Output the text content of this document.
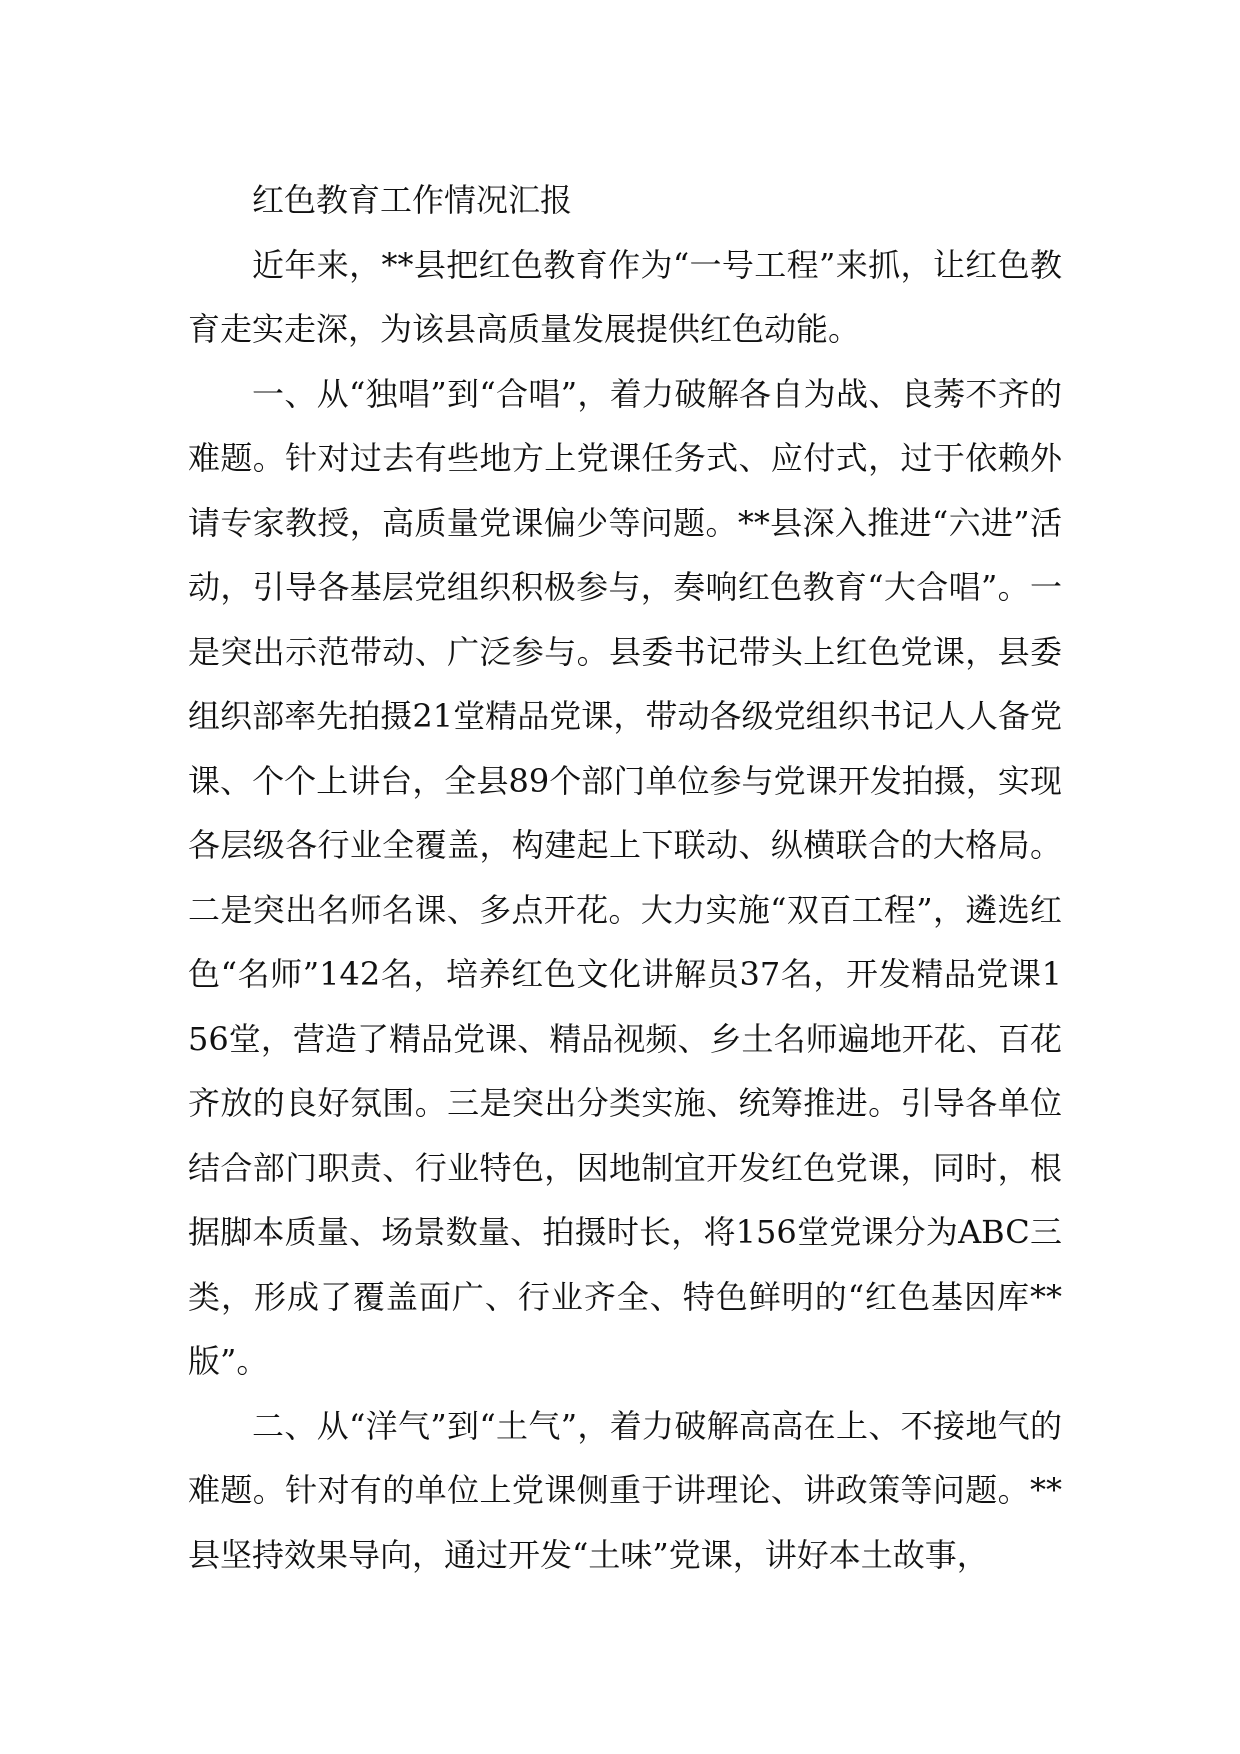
红色教育工作情况汇报

近年来，**县把红色教育作为“一号工程”来抓，让红色教育走实走深，为该县高质量发展提供红色动能。

一、从“独唱”到“合唱”，着力破解各自为战、良莠不齐的难题。针对过去有些地方上党课任务式、应付式，过于依赖外请专家教授，高质量党课偏少等问题。**县深入推进“六进”活动，引导各基层党组织积极参与，奏响红色教育“大合唱”。一是突出示范带动、广泛参与。县委书记带头上红色党课，县委组织部率先拍摄21堂精品党课，带动各级党组织书记人人备党课、个个上讲台，全县89个部门单位参与党课开发拍摄，实现各层级各行业全覆盖，构建起上下联动、纵横联合的大格局。二是突出名师名课、多点开花。大力实施“双百工程”，遴选红色“名师”142名，培养红色文化讲解员37名，开发精品党课156堂，营造了精品党课、精品视频、乡土名师遍地开花、百花齐放的良好氛围。三是突出分类实施、统筹推进。引导各单位结合部门职责、行业特色，因地制宜开发红色党课，同时，根据脚本质量、场景数量、拍摄时长，将156堂党课分为ABC三类，形成了覆盖面广、行业齐全、特色鲜明的“红色基因库**版”。

二、从“洋气”到“土气”，着力破解高高在上、不接地气的难题。针对有的单位上党课侧重于讲理论、讲政策等问题。**县坚持效果导向，通过开发“土味”党课，讲好本土故事，
